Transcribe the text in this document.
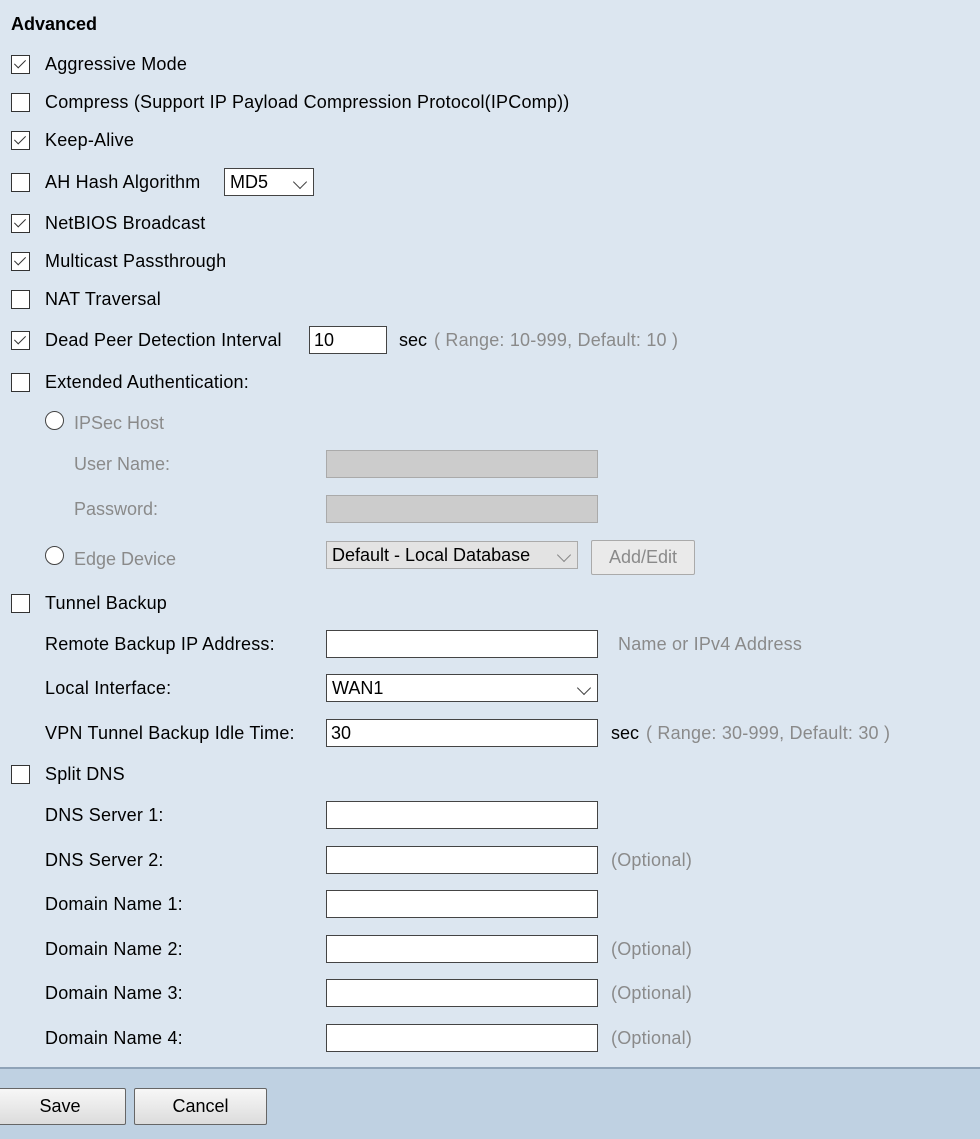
Advanced
Aggressive Mode
Compress (Support IP Payload Compression Protocol(IPComp))
Keep-Alive
AH Hash Algorithm	MD5
NetBIOS Broadcast
Multicast Passthrough
NAT Traversal
Dead Peer Detection Interval 10	sec ( Range: 10-999, Default: 10 )
Extended Authentication:
IPSec Host
User Name:
Password:
Edge Device	Default - Local Database	Add/Edit
Tunnel Backup
Remote Backup IP Address:	Name or IPv4 Address
Local Interface:	WAN1
VPN Tunnel Backup Idle Time: 30	sec ( Range: 30-999, Default: 30 )
Split DNS
DNS Server 1:
DNS Server 2:	(Optional)
Domain Name 1:
Domain Name 2:	(Optional)
Domain Name 3:	(Optional)
Domain Name 4:	(Optional)
Save	Cancel
